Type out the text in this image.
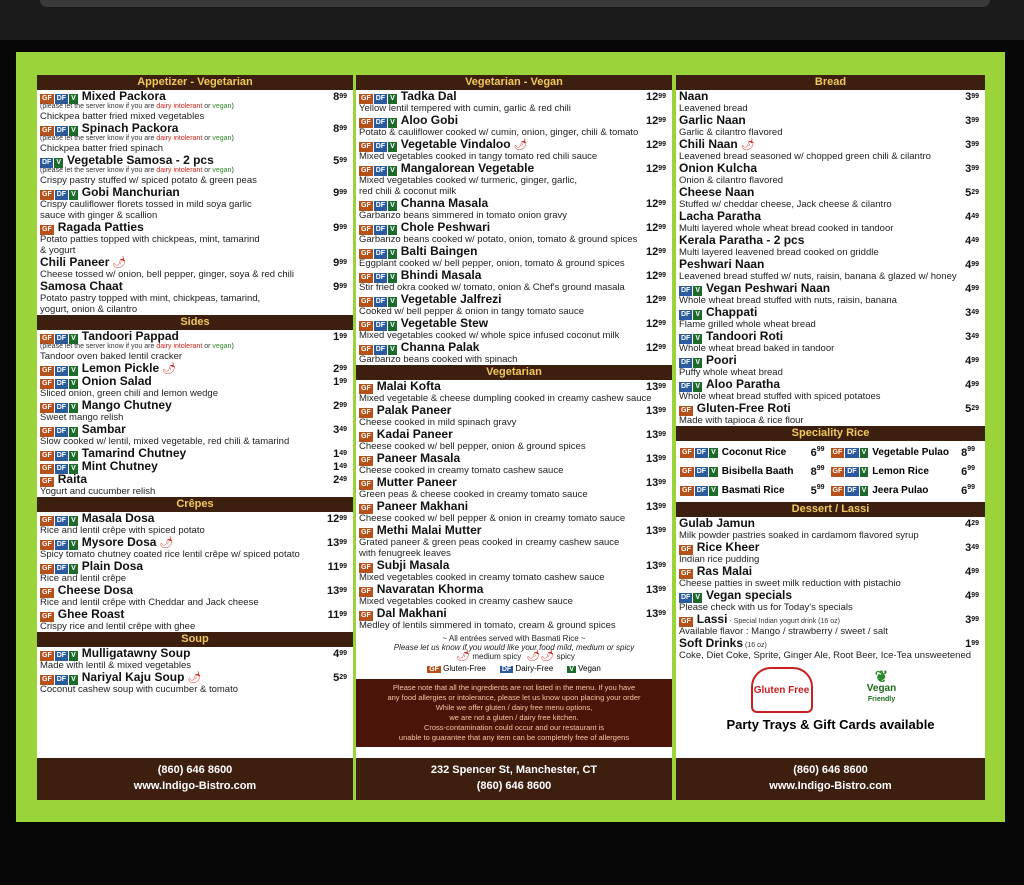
Appetizer - Vegetarian
GF DF V Mixed Packora	$8^{99}$
(please let the server know if you are dairy intolerant or vegan)
Chickpea batter fried mixed vegetables
GF DF V Spinach Packora	$8^{99}$
(please let the server know if you are dairy intolerant or vegan)
Chickpea batter fried spinach
DF V Vegetable Samosa - 2 pcs	$5^{99}$
(please let the server know if you are dairy intolerant or vegan)
Crispy pastry stuffed w/ spiced potato & green peas
GF DF V Gobi Manchurian	$9^{99}$
Crispy cauliflower florets tossed in mild soya garlic
sauce with ginger & scallion
GF Ragada Patties	$9^{99}$
Potato patties topped with chickpeas, mint, tamarind
& yogurt
Chili Paneer 🌶	$9^{99}$
Cheese tossed w/ onion, bell pepper, ginger, soya & red chili
Samosa Chaat	$9^{99}$
Potato pastry topped with mint, chickpeas, tamarind,
yogurt, onion & cilantro
Sides
GF DF V Tandoori Pappad	$1^{99}$
(please let the server know if you are dairy intolerant or vegan)
Tandoor oven baked lentil cracker
GF DF V Lemon Pickle 🌶	$2^{99}$
GF DF V Onion Salad	$1^{99}$
Sliced onion, green chili and lemon wedge
GF DF V Mango Chutney	$2^{99}$
Sweet mango relish
GF DF V Sambar	$3^{49}$
Slow cooked w/ lentil, mixed vegetable, red chili & tamarind
GF DF V Tamarind Chutney	$1^{49}$
GF DF V Mint Chutney	$1^{49}$
GF Raita	$2^{49}$
Yogurt and cucumber relish
Crêpes
GF DF V Masala Dosa	$12^{99}$
Rice and lentil crêpe with spiced potato
GF DF V Mysore Dosa 🌶	$13^{99}$
Spicy tomato chutney coated rice lentil crêpe w/ spiced potato
GF DF V Plain Dosa	$11^{99}$
Rice and lentil crêpe
GF Cheese Dosa	$13^{99}$
Rice and lentil crêpe with Cheddar and Jack cheese
GF Ghee Roast	$11^{99}$
Crispy rice and lentil crêpe with ghee
Soup
GF DF V Mulligatawny Soup	$4^{99}$
Made with lentil & mixed vegetables
GF DF V Nariyal Kaju Soup 🌶	$5^{29}$
Coconut cashew soup with cucumber & tomato
(860) 646 8600
www.Indigo-Bistro.com
Vegetarian - Vegan
GF DF V Tadka Dal	$12^{99}$
Yellow lentil tempered with cumin, garlic & red chili
GF DF V Aloo Gobi	$12^{99}$
Potato & cauliflower cooked w/ cumin, onion, ginger, chili & tomato
GF DF V Vegetable Vindaloo 🌶	$12^{99}$
Mixed vegetables cooked in tangy tomato red chili sauce
GF DF V Mangalorean Vegetable	$12^{99}$
Mixed vegetables cooked w/ turmeric, ginger, garlic,
red chili & coconut milk
GF DF V Channa Masala	$12^{99}$
Garbanzo beans simmered in tomato onion gravy
GF DF V Chole Peshwari	$12^{99}$
Garbanzo beans cooked w/ potato, onion, tomato & ground spices
GF DF V Balti Baingen	$12^{99}$
Eggplant cooked w/ bell pepper, onion, tomato & ground spices
GF DF V Bhindi Masala	$12^{99}$
Stir fried okra cooked w/ tomato, onion & Chef's ground masala
GF DF V Vegetable Jalfrezi	$12^{99}$
Cooked w/ bell pepper & onion in tangy tomato sauce
GF DF V Vegetable Stew	$12^{99}$
Mixed vegetables cooked w/ whole spice infused coconut milk
GF DF V Channa Palak	$12^{99}$
Garbanzo beans cooked with spinach
Vegetarian
GF Malai Kofta	$13^{99}$
Mixed vegetable & cheese dumpling cooked in creamy cashew sauce
GF Palak Paneer	$13^{99}$
Cheese cooked in mild spinach gravy
GF Kadai Paneer	$13^{99}$
Cheese cooked w/ bell pepper, onion & ground spices
GF Paneer Masala	$13^{99}$
Cheese cooked in creamy tomato cashew sauce
GF Mutter Paneer	$13^{99}$
Green peas & cheese cooked in creamy tomato sauce
GF Paneer Makhani	$13^{99}$
Cheese cooked w/ bell pepper & onion in creamy tomato sauce
GF Methi Malai Mutter	$13^{99}$
Grated paneer & green peas cooked in creamy cashew sauce
with fenugreek leaves
GF Subji Masala	$13^{99}$
Mixed vegetables cooked in creamy tomato cashew sauce
GF Navaratan Khorma	$13^{99}$
Mixed vegetables cooked in creamy cashew sauce
GF Dal Makhani	$13^{99}$
Medley of lentils simmered in tomato, cream & ground spices
~ All entrées served with Basmati Rice ~
Please let us know if you would like your food mild, medium or spicy
🌶 medium spicy 🌶🌶 spicy
GF Gluten-Free DF Dairy-Free V Vegan
Please note that all the ingredients are not listed in the menu. If you have
any food allergies or intolerance, please let us know upon placing your order
While we offer gluten / dairy free menu options,
we are not a gluten / dairy free kitchen.
Cross-contamination could occur and our restaurant is
unable to guarantee that any item can be completely free of allergens
232 Spencer St, Manchester, CT
(860) 646 8600
Bread
Naan	$3^{99}$
Leavened bread
Garlic Naan	$3^{99}$
Garlic & cilantro flavored
Chili Naan 🌶	$3^{99}$
Leavened bread seasoned w/ chopped green chili & cilantro
Onion Kulcha	$3^{99}$
Onion & cilantro flavored
Cheese Naan	$5^{29}$
Stuffed w/ cheddar cheese, Jack cheese & cilantro
Lacha Paratha	$4^{49}$
Multi layered whole wheat bread cooked in tandoor
Kerala Paratha - 2 pcs	$4^{49}$
Multi layered leavened bread cooked on griddle
Peshwari Naan	$4^{99}$
Leavened bread stuffed w/ nuts, raisin, banana & glazed w/ honey
DF V Vegan Peshwari Naan	$4^{99}$
Whole wheat bread stuffed with nuts, raisin, banana
DF V Chappati	$3^{49}$
Flame grilled whole wheat bread
DF V Tandoori Roti	$3^{49}$
Whole wheat bread baked in tandoor
DF V Poori	$4^{99}$
Puffy whole wheat bread
DF V Aloo Paratha	$4^{99}$
Whole wheat bread stuffed with spiced potatoes
GF Gluten-Free Roti	$5^{29}$
Made with tapioca & rice flour
Speciality Rice
GF DF V Coconut Rice $6^{99}$ GF DF V Vegetable Pulao $8^{99}$
GF DF V Bisibella Baath $8^{99}$ GF DF V Lemon Rice	$6^{99}$
GF DF V Basmati Rice $5^{99}$ GF DF V Jeera Pulao	$6^{99}$
Dessert / Lassi
Gulab Jamun	$4^{29}$
Milk powder pastries soaked in cardamom flavored syrup
GF Rice Kheer	$3^{49}$
Indian rice pudding
GF Ras Malai	$4^{99}$
Cheese patties in sweet milk reduction with pistachio
DF V Vegan specials	$4^{99}$
Please check with us for Today's specials
GF Lassi - Special Indian yogurt drink (16 oz)	$3^{99}$
Available flavor : Mango / strawberry / sweet / salt
Soft Drinks (16 oz)	$1^{99}$
Coke, Diet Coke, Sprite, Ginger Ale, Root Beer, Ice-Tea unsweetened
Gluten Free
❦
Vegan
Friendly
Party Trays & Gift Cards available
(860) 646 8600
www.Indigo-Bistro.com
